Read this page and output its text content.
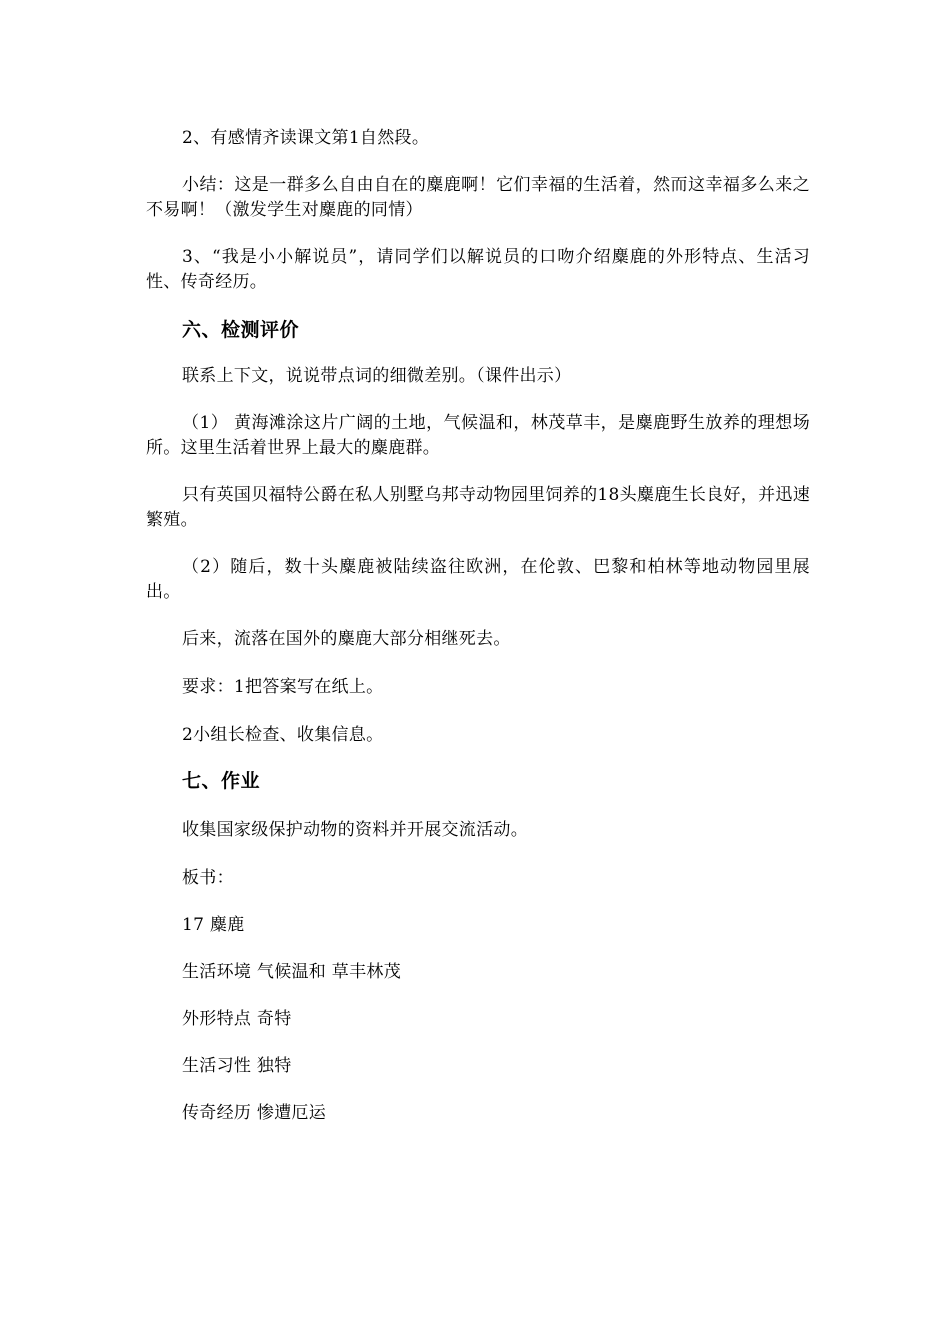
2、有感情齐读课文第1自然段。
小结：这是一群多么自由自在的麋鹿啊！它们幸福的生活着，然而这幸福多么来之不易啊！（激发学生对麋鹿的同情）
3、“我是小小解说员”，请同学们以解说员的口吻介绍麋鹿的外形特点、生活习性、传奇经历。
六、检测评价
联系上下文，说说带点词的细微差别。（课件出示）
（1） 黄海滩涂这片广阔的土地，气候温和，林茂草丰，是麋鹿野生放养的理想场所。这里生活着世界上最大的麋鹿群。
只有英国贝福特公爵在私人别墅乌邦寺动物园里饲养的18头麋鹿生长良好，并迅速繁殖。
（2）随后，数十头麋鹿被陆续盗往欧洲，在伦敦、巴黎和柏林等地动物园里展出。
后来，流落在国外的麋鹿大部分相继死去。
要求：1把答案写在纸上。
2小组长检查、收集信息。
七、作业
收集国家级保护动物的资料并开展交流活动。
板书：
17 麋鹿
生活环境 气候温和 草丰林茂
外形特点 奇特
生活习性 独特
传奇经历 惨遭厄运
